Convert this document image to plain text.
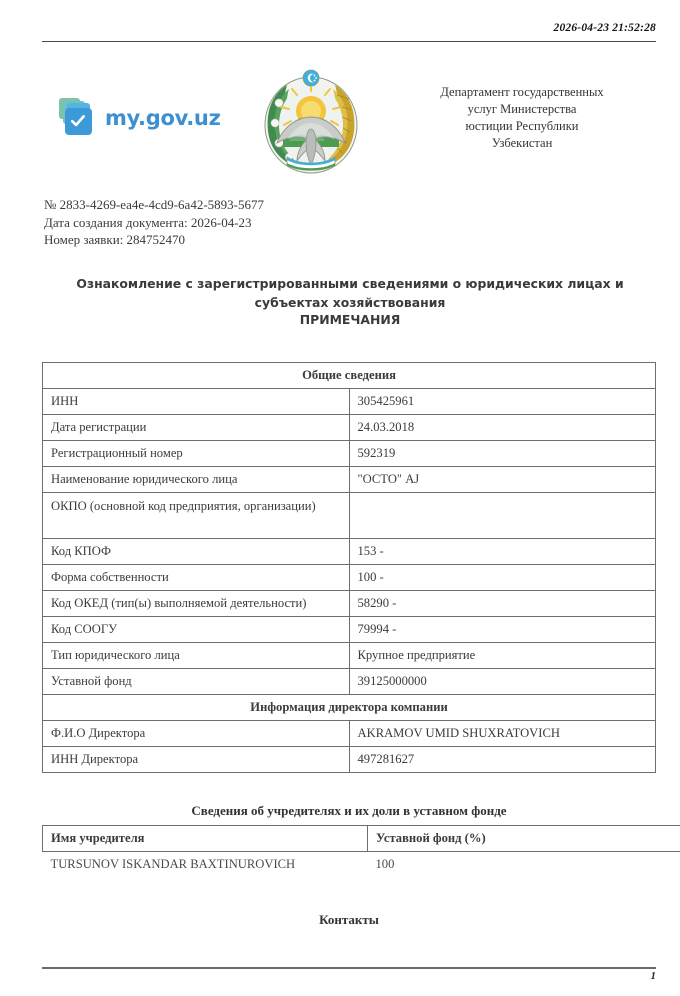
2026-04-23 21:52:28
my.gov.uz
Департамент государственных
услуг Министерства
юстиции Республики
Узбекистан
№ 2833-4269-ea4e-4cd9-6a42-5893-5677
Дата создания документа: 2026-04-23
Номер заявки: 284752470
Ознакомление с зарегистрированными сведениями о юридических лицах и субъектах хозяйствования
ПРИМЕЧАНИЯ
Общие сведения	
ИНН	305425961
Дата регистрации	24.03.2018
Регистрационный номер	592319
Наименование юридического лица	"ОСТО" AJ
ОКПО (основной код предприятия, организации)	
Код КПОФ	153 -
Форма собственности	100 -
Код ОКЕД (тип(ы) выполняемой деятельности)	58290 -
Код СООГУ	79994 -
Тип юридического лица	Крупное предприятие
Уставной фонд	39125000000
Информация директора компании	
Ф.И.О Директора	AKRAMOV UMID SHUXRATOVICH
ИНН Директора	497281627
Сведения об учредителях и их доли в уставном фонде
Имя учредителя	Уставной фонд (%)
TURSUNOV ISKANDAR BAXTINUROVICH	100
Контакты
1
